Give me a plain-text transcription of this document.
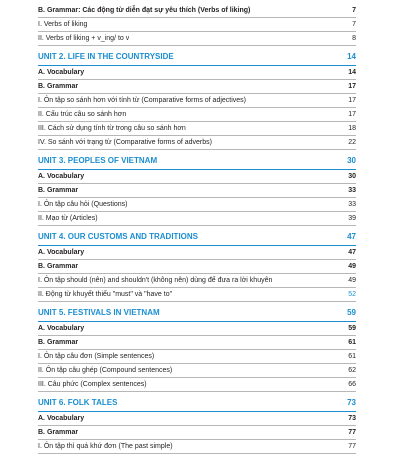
B. Grammar: Các động từ diễn đạt sự yêu thích (Verbs of liking)	7
I. Verbs of liking	7
II. Verbs of liking + v_ing/ to v	8
UNIT 2. LIFE IN THE COUNTRYSIDE	14
A. Vocabulary	14
B. Grammar	17
I. Ôn tập so sánh hơn với tính từ (Comparative forms of adjectives)	17
II. Cấu trúc câu so sánh hơn	17
III. Cách sử dụng tính từ trong câu so sánh hơn	18
IV. So sánh với trạng từ (Comparative forms of adverbs)	22
UNIT 3. PEOPLES OF VIETNAM	30
A. Vocabulary	30
B. Grammar	33
I. Ôn tập câu hỏi (Questions)	33
II. Mạo từ (Articles)	39
UNIT 4. OUR CUSTOMS AND TRADITIONS	47
A. Vocabulary	47
B. Grammar	49
I. Ôn tập should (nên) and shouldn't (không nên) dùng để đưa ra lời khuyên	49
II. Động từ khuyết thiếu "must" và "have to"	52
UNIT 5. FESTIVALS IN VIETNAM	59
A. Vocabulary	59
B. Grammar	61
I. Ôn tập câu đơn (Simple sentences)	61
II. Ôn tập câu ghép (Compound sentences)	62
III. Câu phức (Complex sentences)	66
UNIT 6. FOLK TALES	73
A. Vocabulary	73
B. Grammar	77
I. Ôn tập thì quá khứ đơn (The past simple)	77
